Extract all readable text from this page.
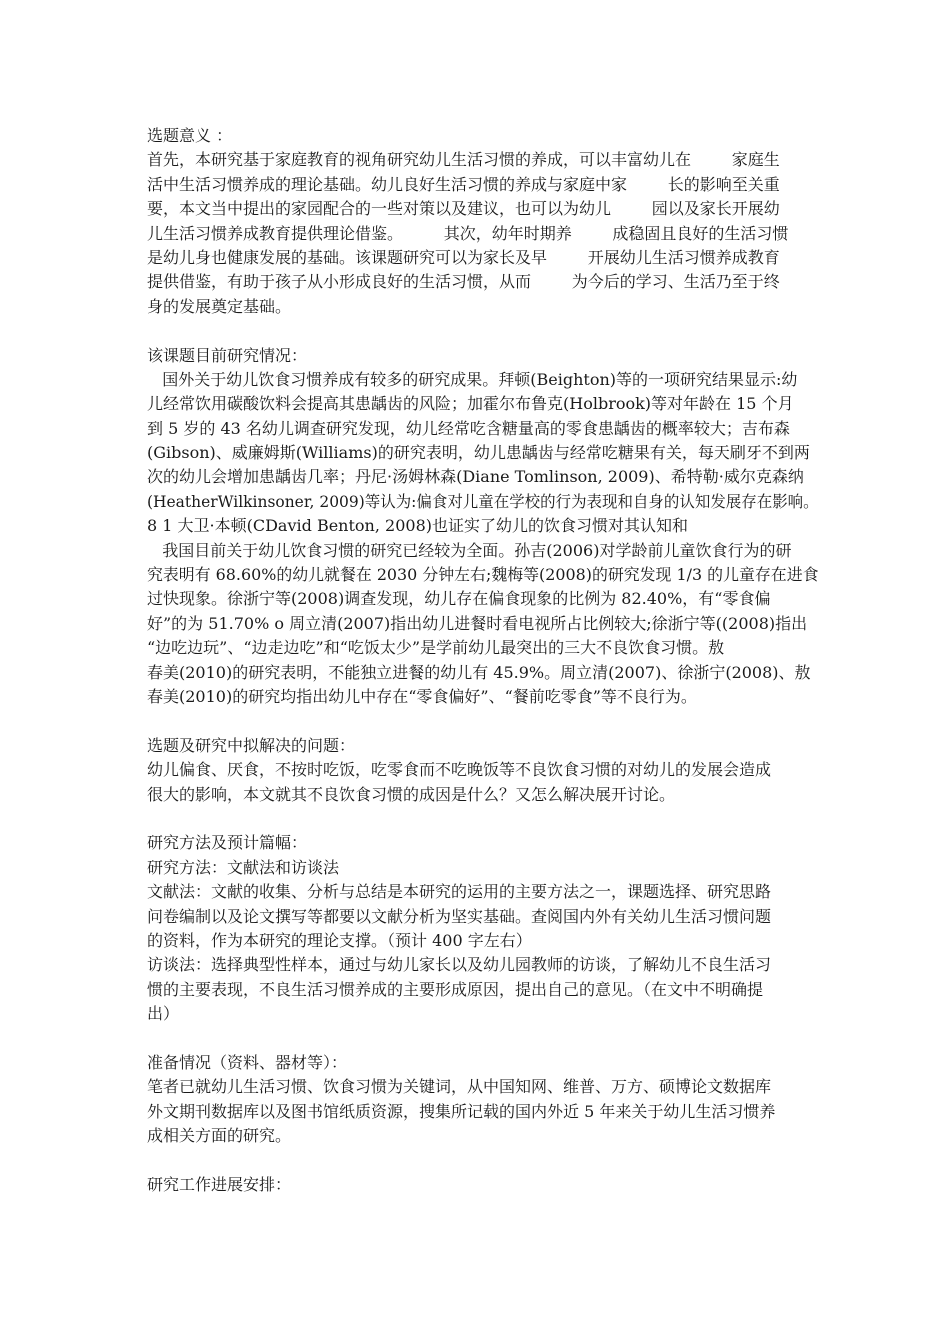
选题意义 ：
首先，本研究基于家庭教育的视角研究幼儿生活习惯的养成，可以丰富幼儿在        家庭生
活中生活习惯养成的理论基础。幼儿良好生活习惯的养成与家庭中家        长的影响至关重
要，本文当中提出的家园配合的一些对策以及建议，也可以为幼儿        园以及家长开展幼
儿生活习惯养成教育提供理论借鉴。        其次，幼年时期养        成稳固且良好的生活习惯
是幼儿身也健康发展的基础。该课题研究可以为家长及早        开展幼儿生活习惯养成教育
提供借鉴，有助于孩子从小形成良好的生活习惯，从而        为今后的学习、生活乃至于终
身的发展奠定基础。
该课题目前研究情况：
国外关于幼儿饮食习惯养成有较多的研究成果。拜顿(Beighton)等的一项研究结果显示:幼
儿经常饮用碳酸饮料会提高其患龋齿的风险；加霍尔布鲁克(Holbrook)等对年龄在 15 个月
到 5 岁的 43 名幼儿调查研究发现，幼儿经常吃含糖量高的零食患龋齿的概率较大；吉布森
(Gibson)、威廉姆斯(Williams)的研究表明，幼儿患龋齿与经常吃糖果有关，每天刷牙不到两
次的幼儿会增加患龋齿几率；丹尼·汤姆林森(Diane Tomlinson, 2009)、希特勒·威尔克森纳
(HeatherWilkinsoner, 2009)等认为:偏食对儿童在学校的行为表现和自身的认知发展存在影响。
8 1 大卫·本顿(CDavid Benton, 2008)也证实了幼儿的饮食习惯对其认知和
我国目前关于幼儿饮食习惯的研究已经较为全面。孙吉(2006)对学龄前儿童饮食行为的研
究表明有 68.60%的幼儿就餐在 2030 分钟左右;魏梅等(2008)的研究发现 1/3 的儿童存在进食
过快现象。徐浙宁等(2008)调查发现，幼儿存在偏食现象的比例为 82.40%，有“零食偏
好”的为 51.70% o 周立清(2007)指出幼儿进餐时看电视所占比例较大;徐浙宁等((2008)指出
“边吃边玩”、“边走边吃”和“吃饭太少”是学前幼儿最突出的三大不良饮食习惯。敖
春美(2010)的研究表明，不能独立进餐的幼儿有 45.9%。周立清(2007)、徐浙宁(2008)、敖
春美(2010)的研究均指出幼儿中存在“零食偏好”、“餐前吃零食”等不良行为。
选题及研究中拟解决的问题：
幼儿偏食、厌食，不按时吃饭，吃零食而不吃晚饭等不良饮食习惯的对幼儿的发展会造成
很大的影响，本文就其不良饮食习惯的成因是什么？又怎么解决展开讨论。
研究方法及预计篇幅：
研究方法：文献法和访谈法
文献法：文献的收集、分析与总结是本研究的运用的主要方法之一，课题选择、研究思路
问卷编制以及论文撰写等都要以文献分析为坚实基础。查阅国内外有关幼儿生活习惯问题
的资料，作为本研究的理论支撑。（预计 400 字左右）
访谈法：选择典型性样本，通过与幼儿家长以及幼儿园教师的访谈，了解幼儿不良生活习
惯的主要表现，不良生活习惯养成的主要形成原因，提出自己的意见。（在文中不明确提
出）
准备情况（资料、器材等）：
笔者已就幼儿生活习惯、饮食习惯为关键词，从中国知网、维普、万方、硕博论文数据库
外文期刊数据库以及图书馆纸质资源，搜集所记载的国内外近 5 年来关于幼儿生活习惯养
成相关方面的研究。
研究工作进展安排：
